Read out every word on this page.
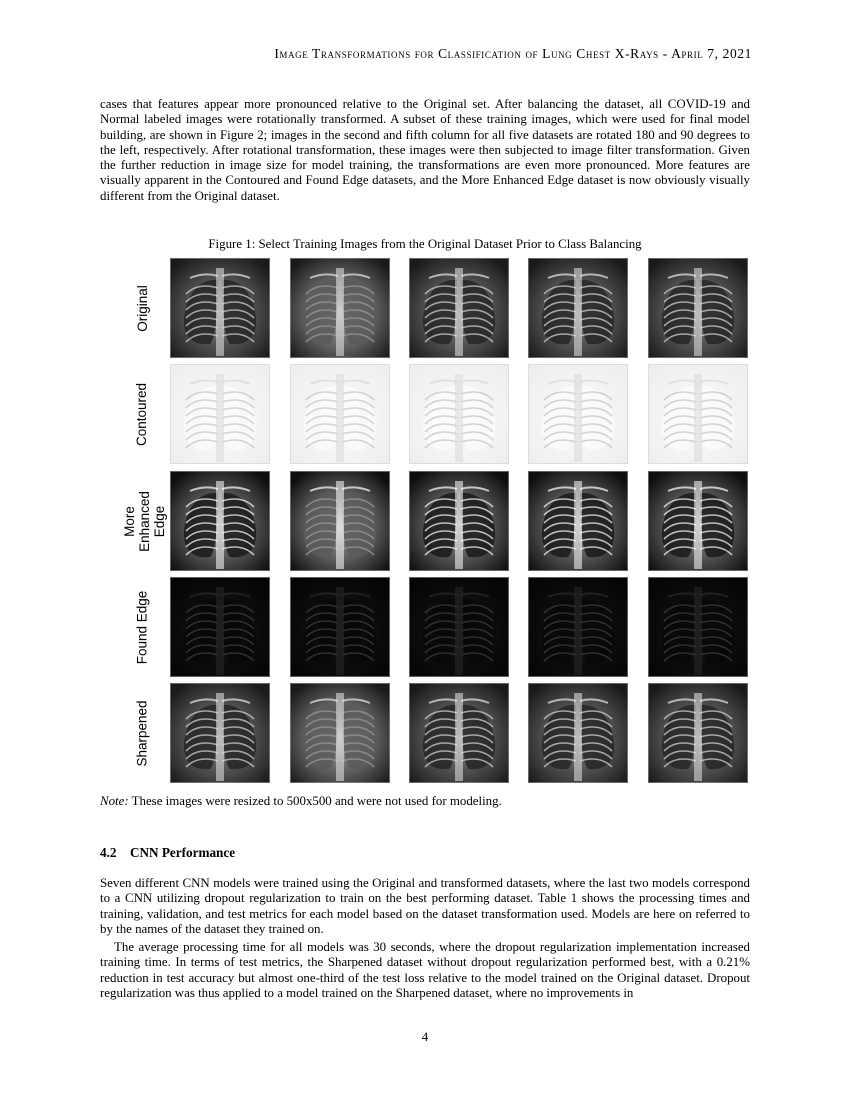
Image Transformations for Classification of Lung Chest X-Rays - April 7, 2021
cases that features appear more pronounced relative to the Original set. After balancing the dataset, all COVID-19 and Normal labeled images were rotationally transformed. A subset of these training images, which were used for final model building, are shown in Figure 2; images in the second and fifth column for all five datasets are rotated 180 and 90 degrees to the left, respectively. After rotational transformation, these images were then subjected to image filter transformation. Given the further reduction in image size for model training, the transformations are even more pronounced. More features are visually apparent in the Contoured and Found Edge datasets, and the More Enhanced Edge dataset is now obviously visually different from the Original dataset.
Figure 1: Select Training Images from the Original Dataset Prior to Class Balancing
Original
Contoured
More
Enhanced
Edge
Found Edge
Sharpened
Note: These images were resized to 500x500 and were not used for modeling.
4.2 CNN Performance
Seven different CNN models were trained using the Original and transformed datasets, where the last two models correspond to a CNN utilizing dropout regularization to train on the best performing dataset. Table 1 shows the processing times and training, validation, and test metrics for each model based on the dataset transformation used. Models are here on referred to by the names of the dataset they trained on.
The average processing time for all models was 30 seconds, where the dropout regularization implementation increased training time. In terms of test metrics, the Sharpened dataset without dropout regularization performed best, with a 0.21% reduction in test accuracy but almost one-third of the test loss relative to the model trained on the Original dataset. Dropout regularization was thus applied to a model trained on the Sharpened dataset, where no improvements in
4
